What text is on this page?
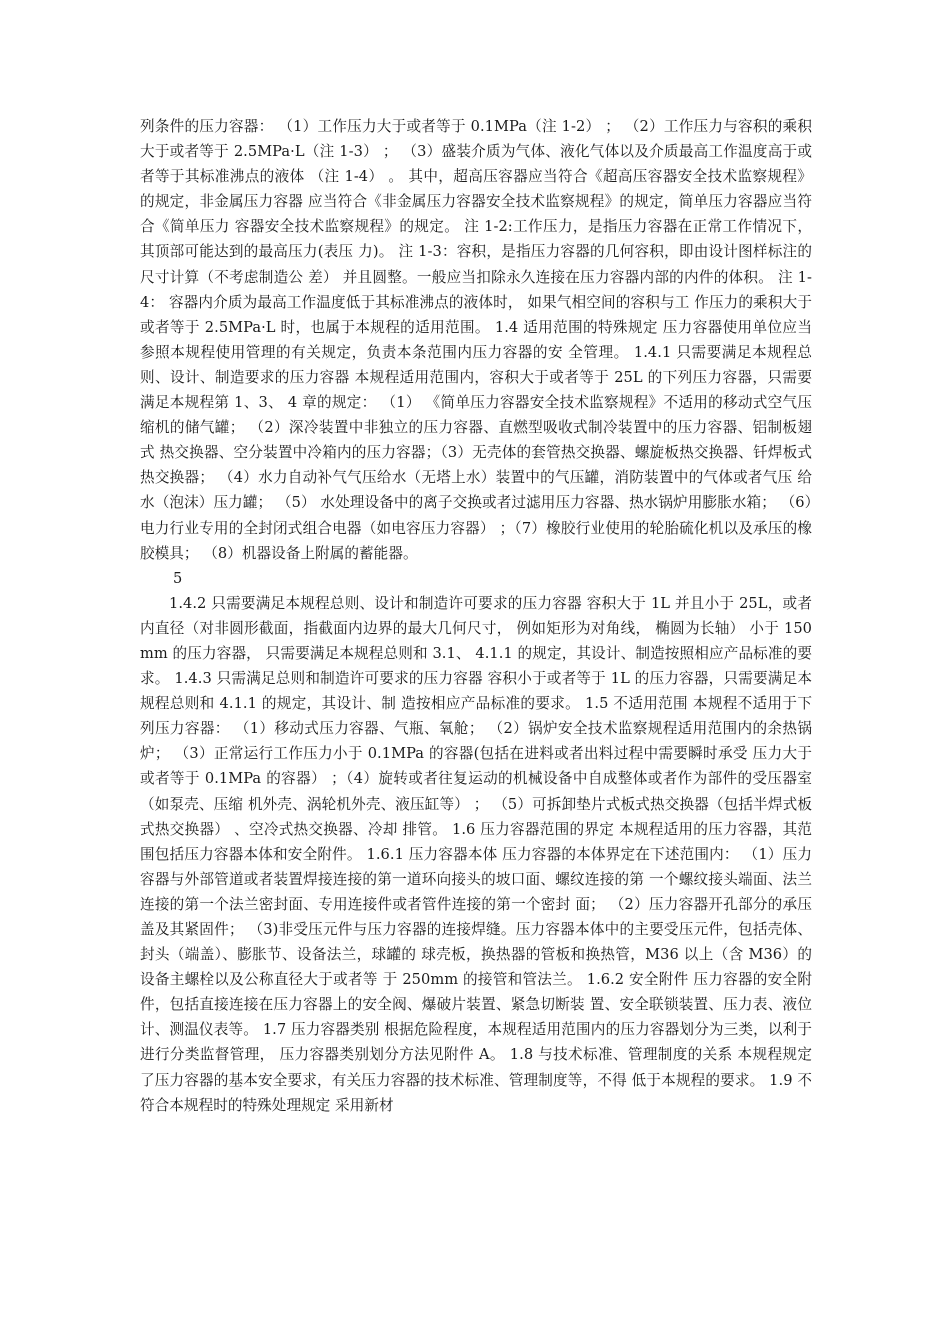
列条件的压力容器： （1）工作压力大于或者等于 0.1MPa（注 1-2） ； （2）工作压力与容积的乘积大于或者等于 2.5MPa·L（注 1-3） ； （3）盛装介质为气体、液化气体以及介质最高工作温度高于或者等于其标准沸点的液体 （注 1-4） 。 其中，超高压容器应当符合《超高压容器安全技术监察规程》的规定，非金属压力容器 应当符合《非金属压力容器安全技术监察规程》的规定，简单压力容器应当符合《简单压力 容器安全技术监察规程》的规定。 注 1-2:工作压力，是指压力容器在正常工作情况下，其顶部可能达到的最高压力(表压 力)。 注 1-3：容积，是指压力容器的几何容积，即由设计图样标注的尺寸计算（不考虑制造公 差） 并且圆整。一般应当扣除永久连接在压力容器内部的内件的体积。 注 1-4： 容器内介质为最高工作温度低于其标准沸点的液体时， 如果气相空间的容积与工 作压力的乘积大于或者等于 2.5MPa·L 时，也属于本规程的适用范围。 1.4 适用范围的特殊规定 压力容器使用单位应当参照本规程使用管理的有关规定，负责本条范围内压力容器的安 全管理。 1.4.1 只需要满足本规程总则、设计、制造要求的压力容器 本规程适用范围内，容积大于或者等于 25L 的下列压力容器，只需要满足本规程第 1、3、 4 章的规定： （1） 《简单压力容器安全技术监察规程》不适用的移动式空气压缩机的储气罐； （2）深冷装置中非独立的压力容器、直燃型吸收式制冷装置中的压力容器、铝制板翅式 热交换器、空分装置中冷箱内的压力容器；（3）无壳体的套管热交换器、螺旋板热交换器、钎焊板式热交换器； （4）水力自动补气气压给水（无塔上水）装置中的气压罐，消防装置中的气体或者气压 给水（泡沫）压力罐； （5） 水处理设备中的离子交换或者过滤用压力容器、热水锅炉用膨胀水箱； （6）电力行业专用的全封闭式组合电器（如电容压力容器） ；（7）橡胶行业使用的轮胎硫化机以及承压的橡胶模具； （8）机器设备上附属的蓄能器。

5

1.4.2 只需要满足本规程总则、设计和制造许可要求的压力容器 容积大于 1L 并且小于 25L，或者内直径（对非圆形截面，指截面内边界的最大几何尺寸， 例如矩形为对角线， 椭圆为长轴） 小于 150mm 的压力容器， 只需要满足本规程总则和 3.1、 4.1.1 的规定，其设计、制造按照相应产品标准的要求。 1.4.3 只需满足总则和制造许可要求的压力容器 容积小于或者等于 1L 的压力容器，只需要满足本规程总则和 4.1.1 的规定，其设计、制 造按相应产品标准的要求。 1.5 不适用范围 本规程不适用于下列压力容器： （1）移动式压力容器、气瓶、氧舱； （2）锅炉安全技术监察规程适用范围内的余热锅炉； （3）正常运行工作压力小于 0.1MPa 的容器(包括在进料或者出料过程中需要瞬时承受 压力大于或者等于 0.1MPa 的容器） ；（4）旋转或者往复运动的机械设备中自成整体或者作为部件的受压器室（如泵壳、压缩 机外壳、涡轮机外壳、液压缸等） ； （5）可拆卸垫片式板式热交换器（包括半焊式板式热交换器） 、空冷式热交换器、冷却 排管。 1.6 压力容器范围的界定 本规程适用的压力容器，其范围包括压力容器本体和安全附件。 1.6.1 压力容器本体 压力容器的本体界定在下述范围内： （1）压力容器与外部管道或者装置焊接连接的第一道环向接头的坡口面、螺纹连接的第 一个螺纹接头端面、法兰连接的第一个法兰密封面、专用连接件或者管件连接的第一个密封 面； （2）压力容器开孔部分的承压盖及其紧固件； （3)非受压元件与压力容器的连接焊缝。压力容器本体中的主要受压元件，包括壳体、封头（端盖）、膨胀节、设备法兰，球罐的 球壳板，换热器的管板和换热管，M36 以上（含 M36）的设备主螺栓以及公称直径大于或者等 于 250mm 的接管和管法兰。 1.6.2 安全附件 压力容器的安全附件，包括直接连接在压力容器上的安全阀、爆破片装置、紧急切断装 置、安全联锁装置、压力表、液位计、测温仪表等。 1.7 压力容器类别 根据危险程度，本规程适用范围内的压力容器划分为三类，以利于进行分类监督管理， 压力容器类别划分方法见附件 A。 1.8 与技术标准、管理制度的关系 本规程规定了压力容器的基本安全要求，有关压力容器的技术标准、管理制度等，不得 低于本规程的要求。 1.9 不符合本规程时的特殊处理规定 采用新材
